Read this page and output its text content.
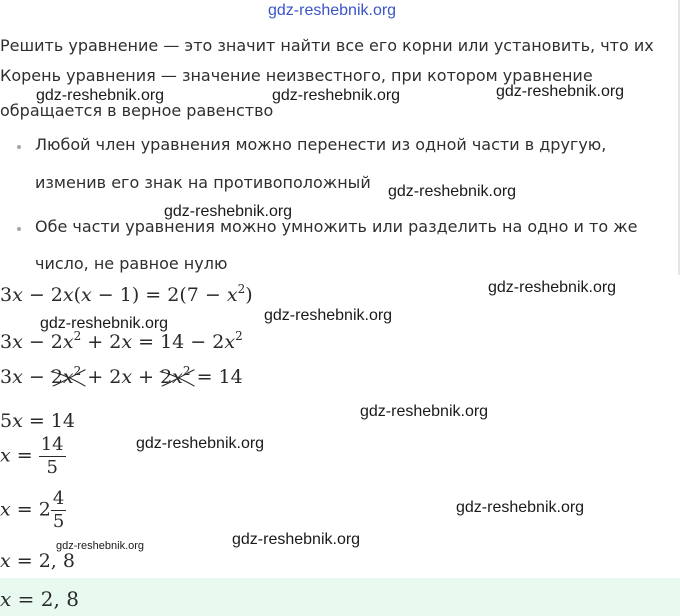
gdz-reshebnik.org
gdz-reshebnik.org	gdz-reshebnik.org	gdz-reshebnik.org
gdz-reshebnik.org
gdz-reshebnik.org
gdz-reshebnik.org
gdz-reshebnik.org
gdz-reshebnik.org
gdz-reshebnik.org
gdz-reshebnik.org
gdz-reshebnik.org
gdz-reshebnik.org
gdz-reshebnik.org
Решить уравнение — это значит найти все его корни или установить, что их
Корень уравнения — значение неизвестного, при котором уравнение
обращается в верное равенство
Любой член уравнения можно перенести из одной части в другую,
изменив его знак на противоположный
Обе части уравнения можно умножить или разделить на одно и то же
число, не равное нулю
$3x - 2x(x - 1) = 2(7 - x^2)$
$3x - 2x^2 + 2x = 14 - 2x^2$
$3x - 2x^2$
+ $2x + 2x^2$
= 14
5x = 14
$x = \frac{14}{5}$
$x = 2 \frac{4}{5}$
x = 2, 8
x = 2, 8
